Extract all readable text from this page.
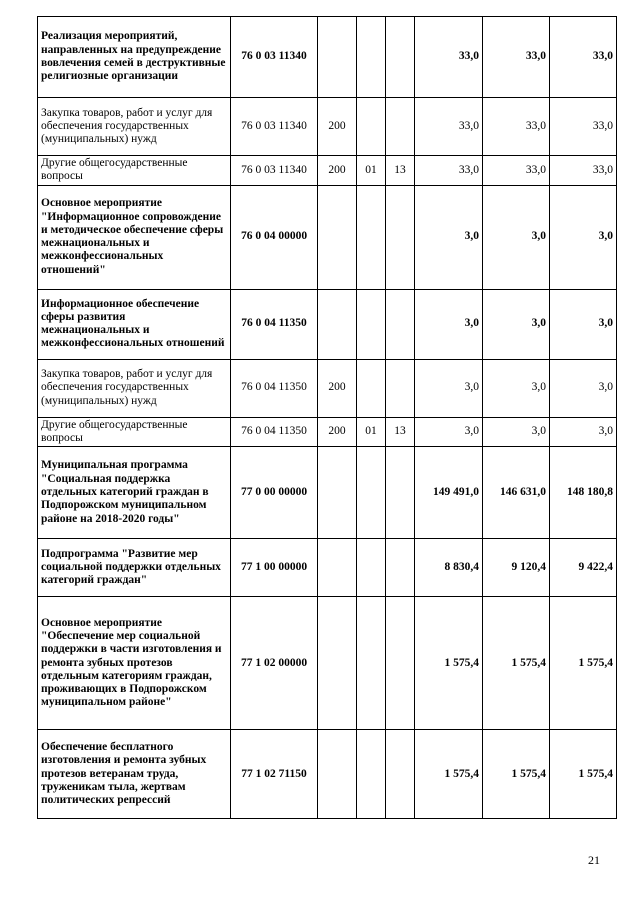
Реализация мероприятий, направленных на предупреждение вовлечения семей в деструктивные религиозные организации	76 0 03 11340				33,0	33,0	33,0
Закупка товаров, работ и услуг для обеспечения государственных (муниципальных) нужд	76 0 03 11340	200			33,0	33,0	33,0
Другие общегосударственные вопросы	76 0 03 11340	200	01	13	33,0	33,0	33,0
Основное мероприятие "Информационное сопровождение и методическое обеспечение сферы межнациональных и межконфессиональных отношений"	76 0 04 00000				3,0	3,0	3,0
Информационное обеспечение сферы развития межнациональных и межконфессиональных отношений	76 0 04 11350				3,0	3,0	3,0
Закупка товаров, работ и услуг для обеспечения государственных (муниципальных) нужд	76 0 04 11350	200			3,0	3,0	3,0
Другие общегосударственные вопросы	76 0 04 11350	200	01	13	3,0	3,0	3,0
Муниципальная программа "Социальная поддержка отдельных категорий граждан в Подпорожском муниципальном районе на 2018-2020 годы"	77 0 00 00000				149 491,0	146 631,0	148 180,8
Подпрограмма "Развитие мер социальной поддержки отдельных категорий граждан"	77 1 00 00000				8 830,4	9 120,4	9 422,4
Основное мероприятие "Обеспечение мер социальной поддержки в части изготовления и ремонта зубных протезов отдельным категориям граждан, проживающих в Подпорожском муниципальном районе"	77 1 02 00000				1 575,4	1 575,4	1 575,4
Обеспечение бесплатного изготовления и ремонта зубных протезов ветеранам труда, труженикам тыла, жертвам политических репрессий	77 1 02 71150				1 575,4	1 575,4	1 575,4
21
